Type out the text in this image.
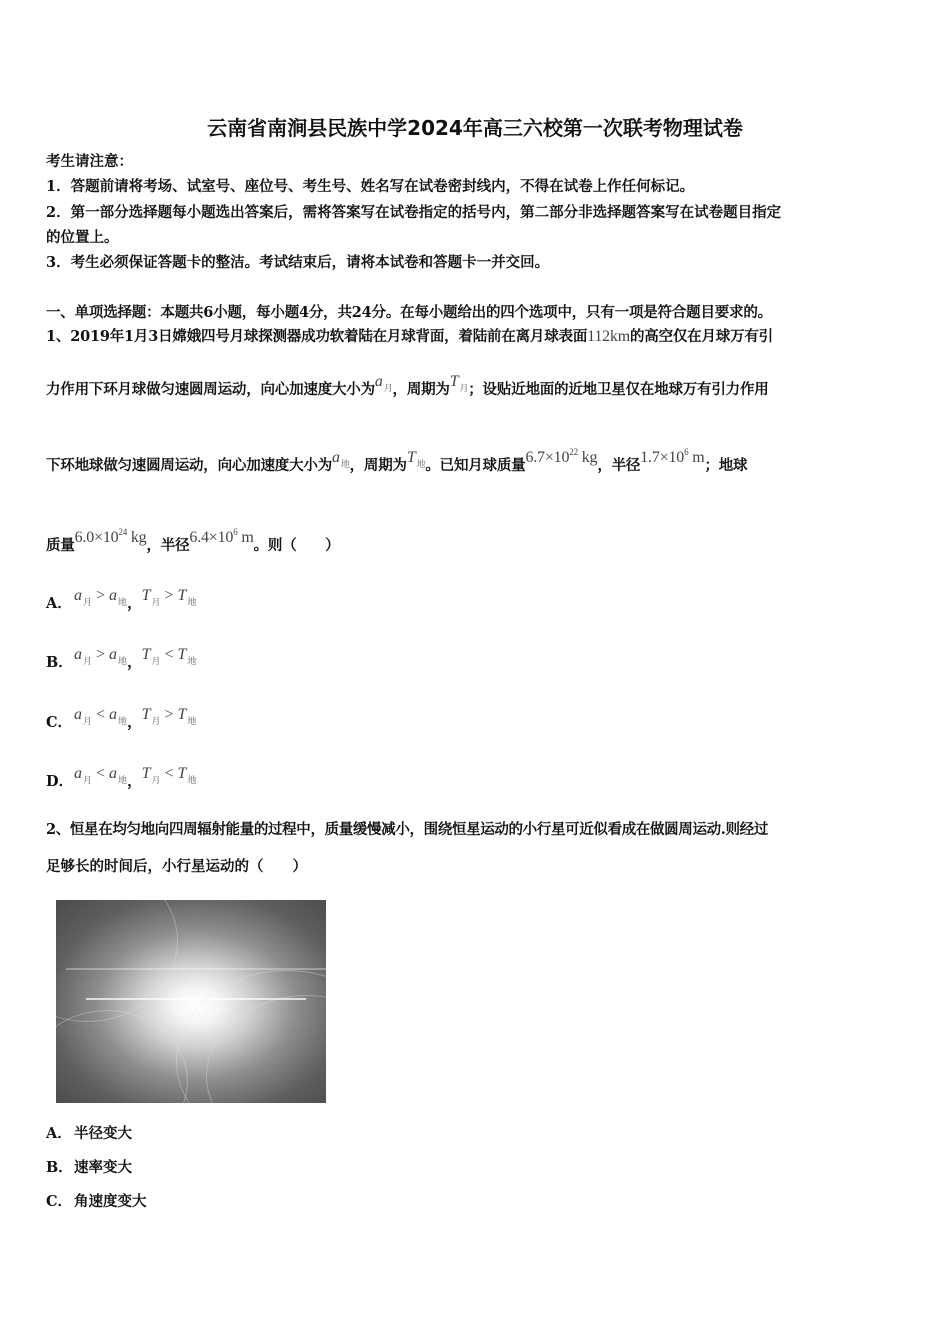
云南省南涧县民族中学2024年高三六校第一次联考物理试卷
考生请注意：
1．答题前请将考场、试室号、座位号、考生号、姓名写在试卷密封线内，不得在试卷上作任何标记。
2．第一部分选择题每小题选出答案后，需将答案写在试卷指定的括号内，第二部分非选择题答案写在试卷题目指定
的位置上。
3．考生必须保证答题卡的整洁。考试结束后，请将本试卷和答题卡一并交回。
一、单项选择题：本题共6小题，每小题4分，共24分。在每小题给出的四个选项中，只有一项是符合题目要求的。
1、2019年1月3日嫦娥四号月球探测器成功软着陆在月球背面，着陆前在离月球表面112km的高空仅在月球万有引
力作用下环月球做匀速圆周运动，向心加速度大小为$a_月$，周期为$T_月$；设贴近地面的近地卫星仅在地球万有引力作用
下环地球做匀速圆周运动，向心加速度大小为$a_地$，周期为$T_地$。已知月球质量$6.7\times 10^{22}$ kg，半径$1.7\times 10^6$ m；地球
质量$6.0\times 10^{24}$ kg，半径$6.4\times 10^6$ m。则（　　）
A． $a_月 > a_地$，$T_月 > T_地$
B．$a_月 > a_地$，$T_月 < T_地$
C． $a_月 < a_地$，$T_月 > T_地$
D．$a_月 < a_地$，$T_月 < T_地$
2、恒星在均匀地向四周辐射能量的过程中，质量缓慢减小，围绕恒星运动的小行星可近似看成在做圆周运动.则经过
足够长的时间后，小行星运动的（　　）
A． 半径变大
B．速率变大
C． 角速度变大
